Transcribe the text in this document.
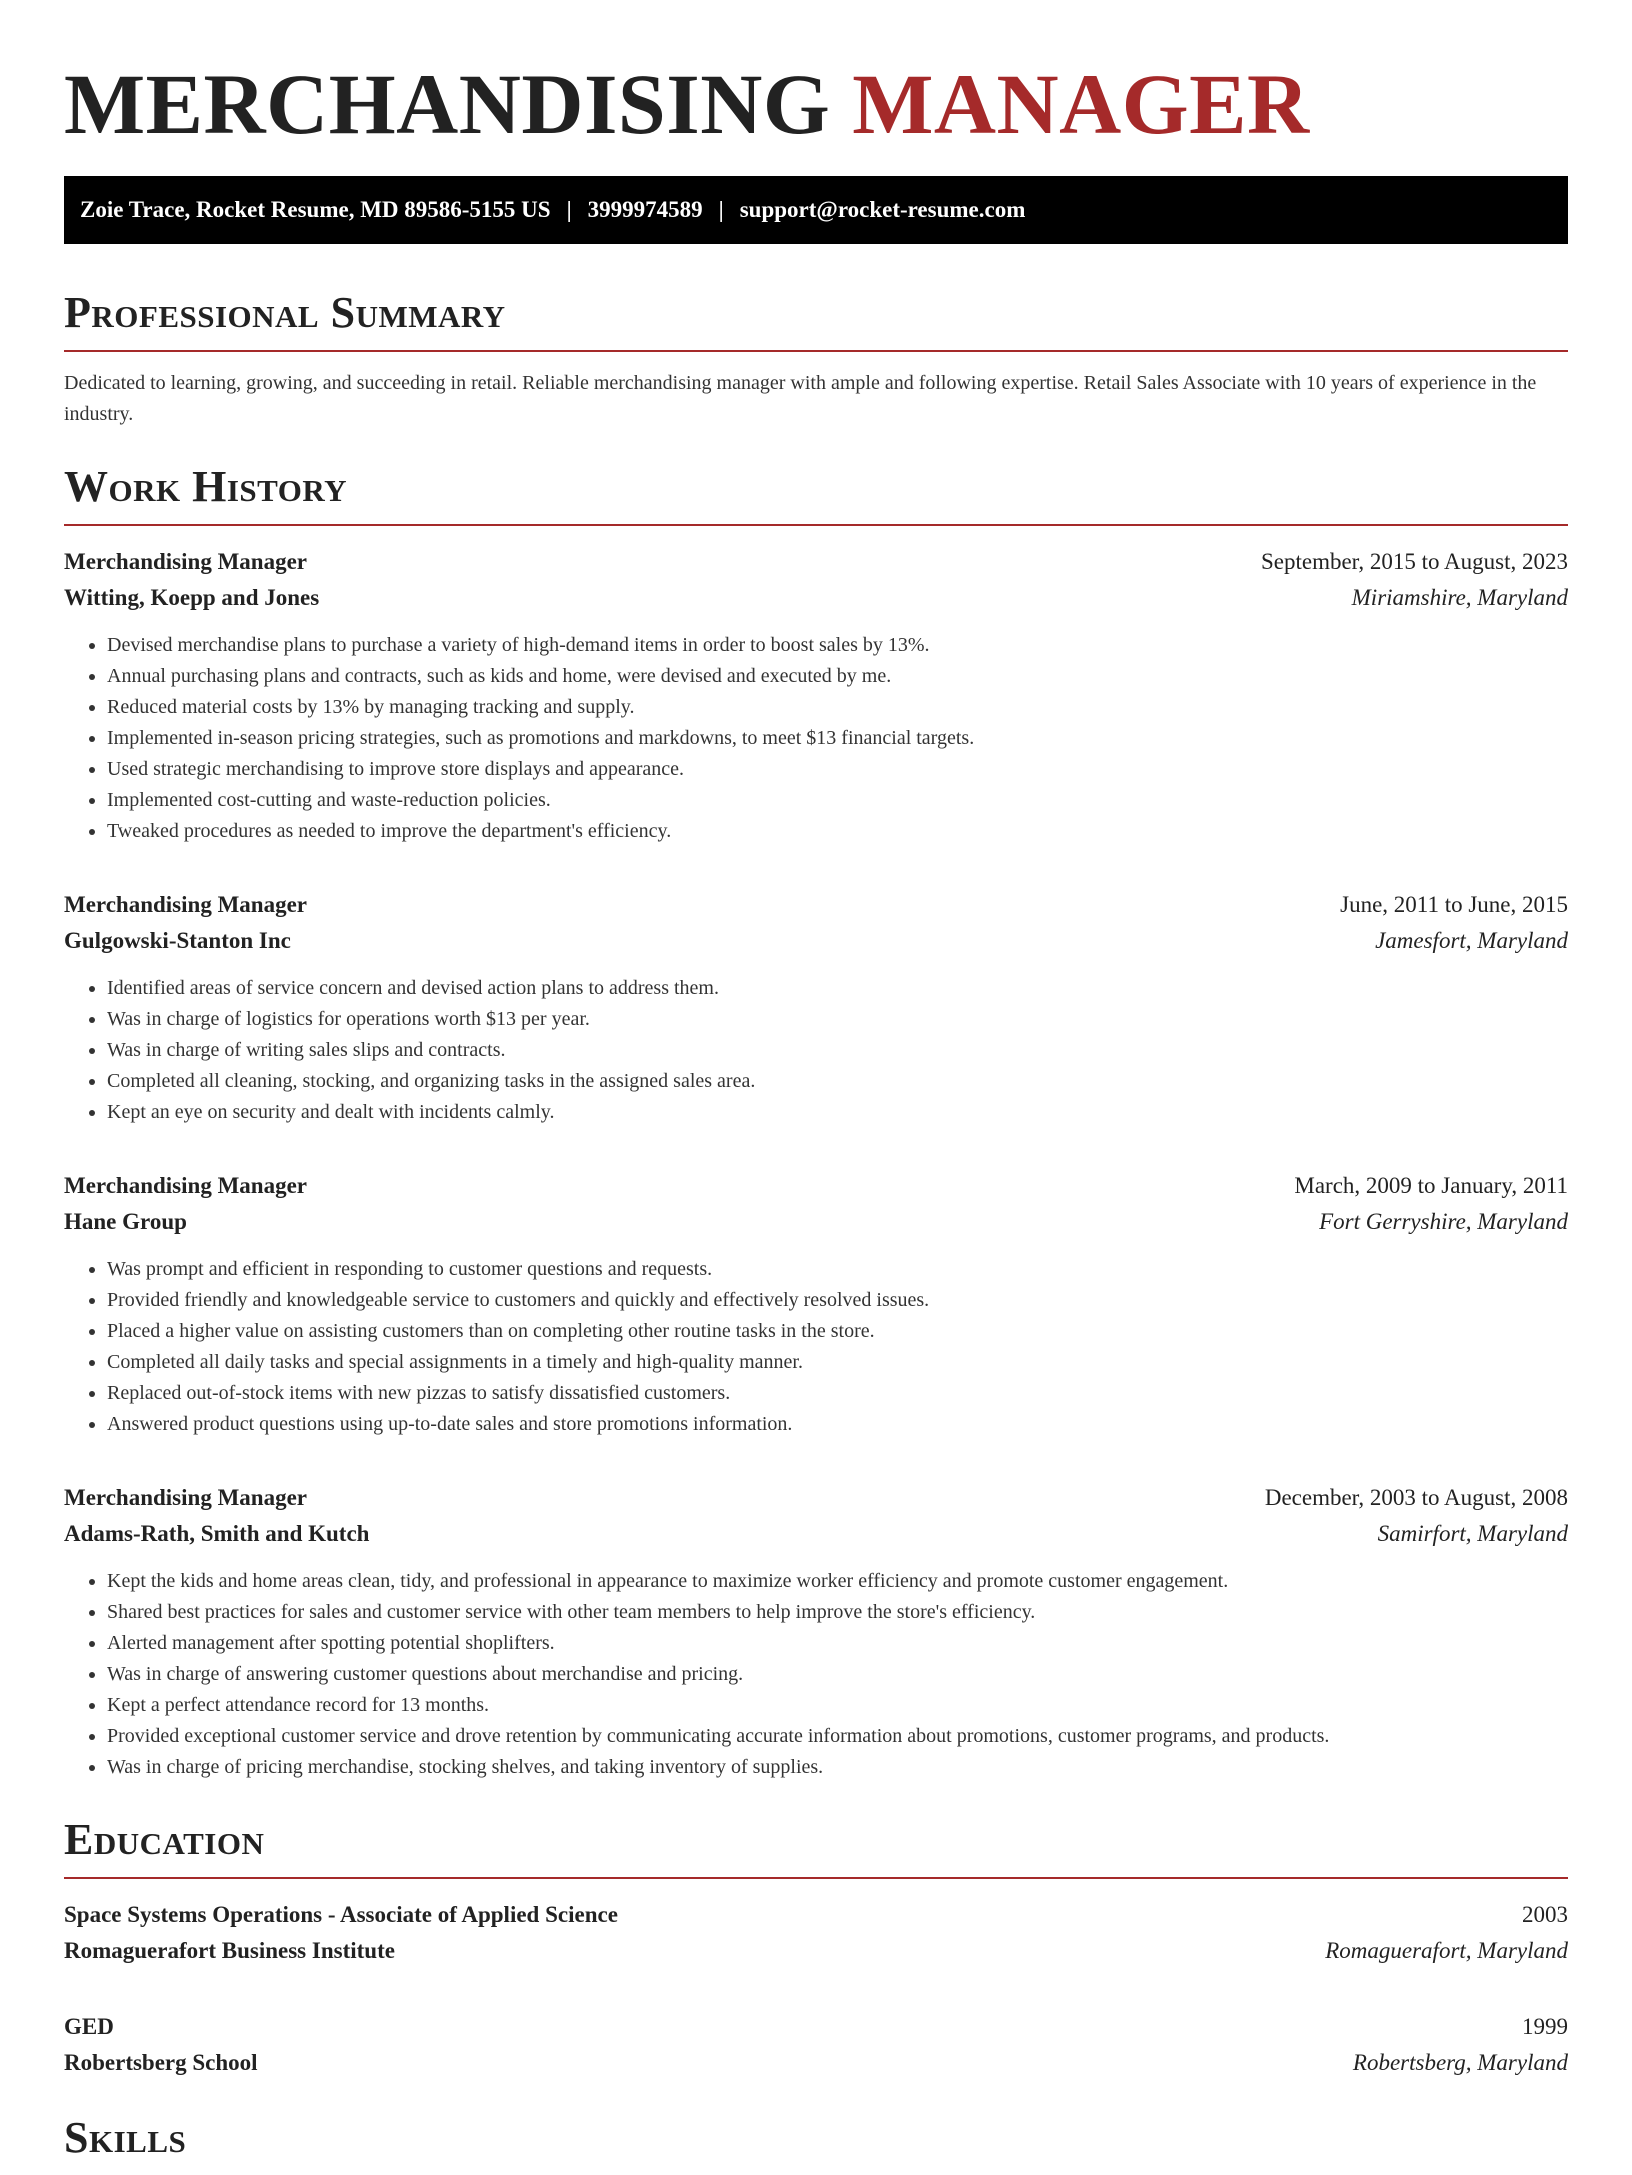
MERCHANDISING MANAGER
Zoie Trace, Rocket Resume, MD 89586-5155 US | 3999974589 | support@rocket-resume.com
Professional Summary

Dedicated to learning, growing, and succeeding in retail. Reliable merchandising manager with ample and following expertise. Retail Sales Associate with 10 years of experience in the industry.

Work History
Merchandising Manager	September, 2015 to August, 2023
Witting, Koepp and Jones	Miriamshire, Maryland
• Devised merchandise plans to purchase a variety of high-demand items in order to boost sales by 13%.
• Annual purchasing plans and contracts, such as kids and home, were devised and executed by me.
• Reduced material costs by 13% by managing tracking and supply.
• Implemented in-season pricing strategies, such as promotions and markdowns, to meet $13 financial targets.
• Used strategic merchandising to improve store displays and appearance.
• Implemented cost-cutting and waste-reduction policies.
• Tweaked procedures as needed to improve the department's efficiency.
Merchandising Manager	June, 2011 to June, 2015
Gulgowski-Stanton Inc	Jamesfort, Maryland
• Identified areas of service concern and devised action plans to address them.
• Was in charge of logistics for operations worth $13 per year.
• Was in charge of writing sales slips and contracts.
• Completed all cleaning, stocking, and organizing tasks in the assigned sales area.
• Kept an eye on security and dealt with incidents calmly.
Merchandising Manager	March, 2009 to January, 2011
Hane Group	Fort Gerryshire, Maryland
• Was prompt and efficient in responding to customer questions and requests.
• Provided friendly and knowledgeable service to customers and quickly and effectively resolved issues.
• Placed a higher value on assisting customers than on completing other routine tasks in the store.
• Completed all daily tasks and special assignments in a timely and high-quality manner.
• Replaced out-of-stock items with new pizzas to satisfy dissatisfied customers.
• Answered product questions using up-to-date sales and store promotions information.
Merchandising Manager	December, 2003 to August, 2008
Adams-Rath, Smith and Kutch	Samirfort, Maryland
• Kept the kids and home areas clean, tidy, and professional in appearance to maximize worker efficiency and promote customer engagement.
• Shared best practices for sales and customer service with other team members to help improve the store's efficiency.
• Alerted management after spotting potential shoplifters.
• Was in charge of answering customer questions about merchandise and pricing.
• Kept a perfect attendance record for 13 months.
• Provided exceptional customer service and drove retention by communicating accurate information about promotions, customer programs, and products.
• Was in charge of pricing merchandise, stocking shelves, and taking inventory of supplies.
Education
Space Systems Operations - Associate of Applied Science	2003
Romaguerafort Business Institute	Romaguerafort, Maryland
GED	1999
Robertsberg School	Robertsberg, Maryland
Skills
